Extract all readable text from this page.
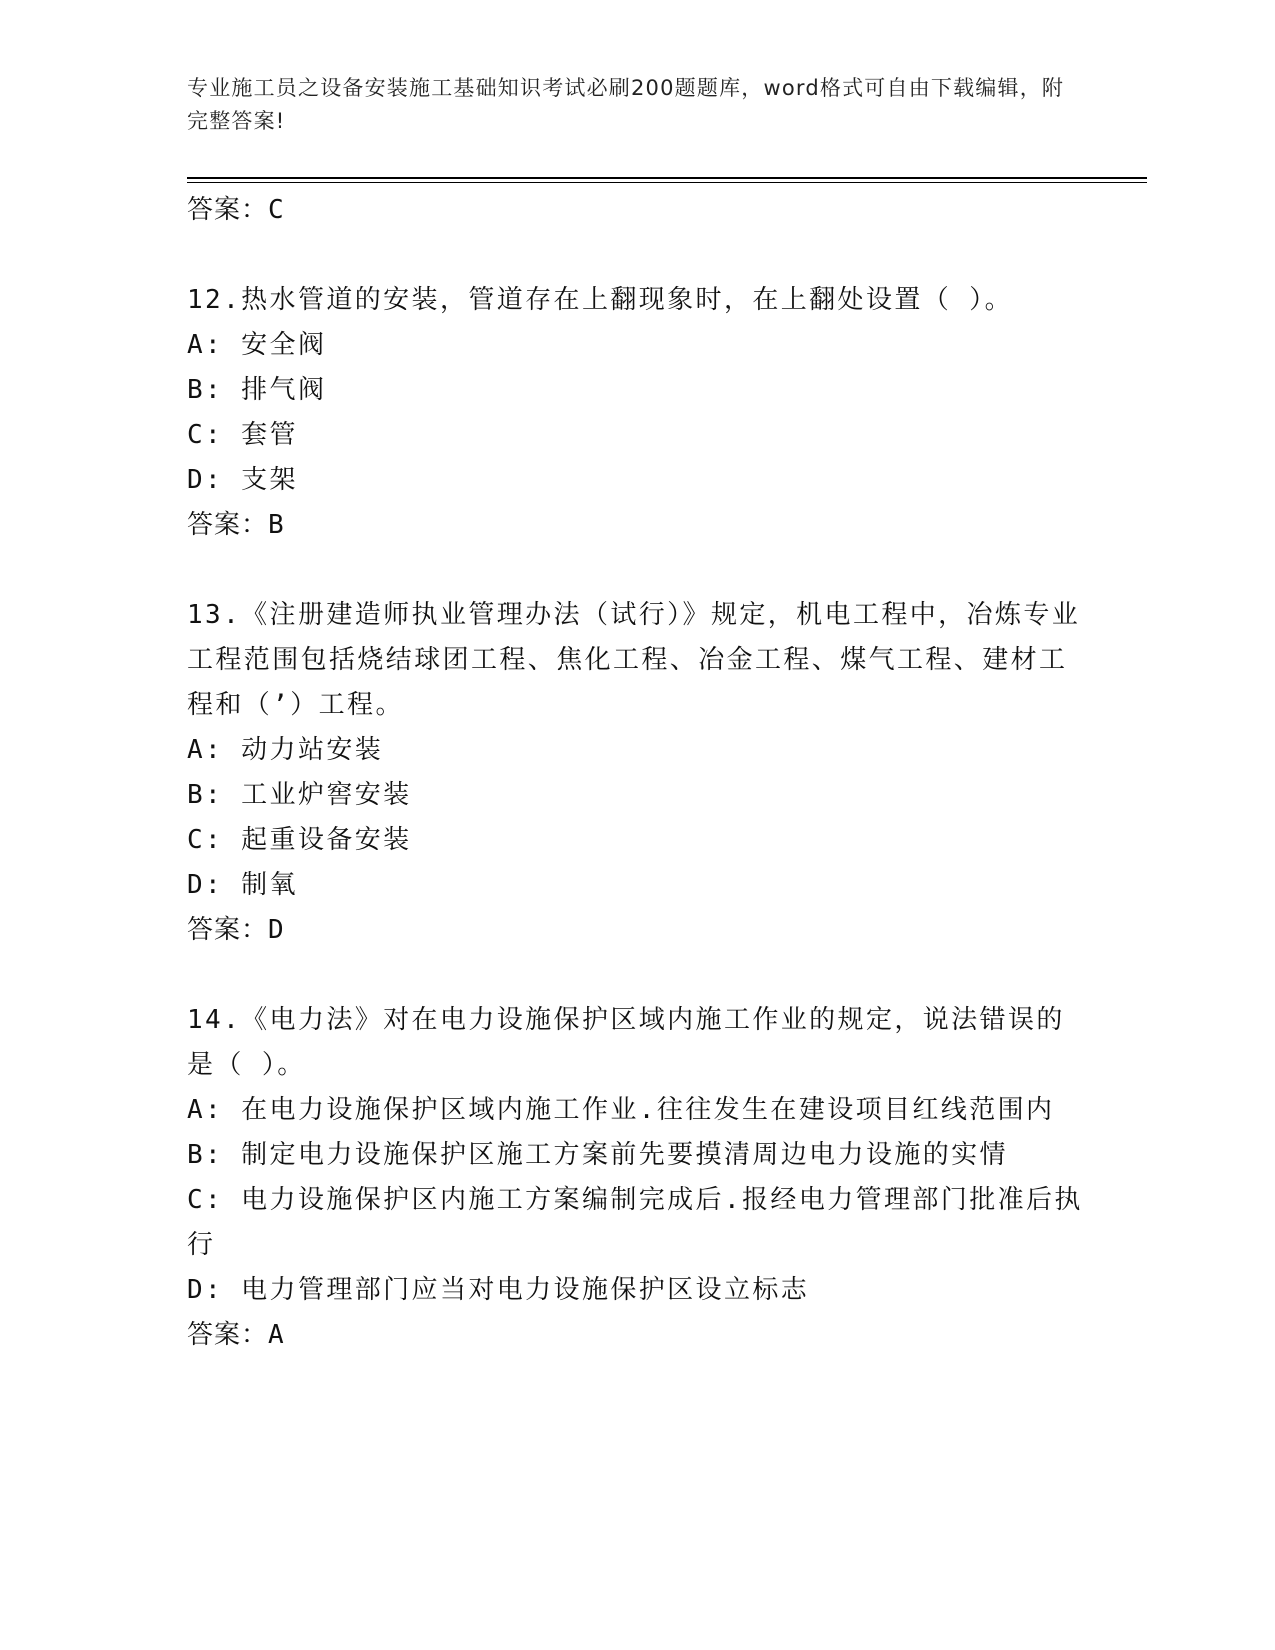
专业施工员之设备安装施工基础知识考试必刷200题题库，word格式可自由下载编辑，附完整答案!
答案：C
12.热水管道的安装，管道存在上翻现象时，在上翻处设置（ ）。
A: 安全阀
B: 排气阀
C: 套管
D: 支架
答案：B
13.《注册建造师执业管理办法（试行）》规定，机电工程中，冶炼专业工程范围包括烧结球团工程、焦化工程、冶金工程、煤气工程、建材工程和（’）工程。
A: 动力站安装
B: 工业炉窖安装
C: 起重设备安装
D: 制氧
答案：D
14.《电力法》对在电力设施保护区域内施工作业的规定，说法错误的是（ ）。
A: 在电力设施保护区域内施工作业.往往发生在建设项目红线范围内
B: 制定电力设施保护区施工方案前先要摸清周边电力设施的实情
C: 电力设施保护区内施工方案编制完成后.报经电力管理部门批准后执行
D: 电力管理部门应当对电力设施保护区设立标志
答案：A
